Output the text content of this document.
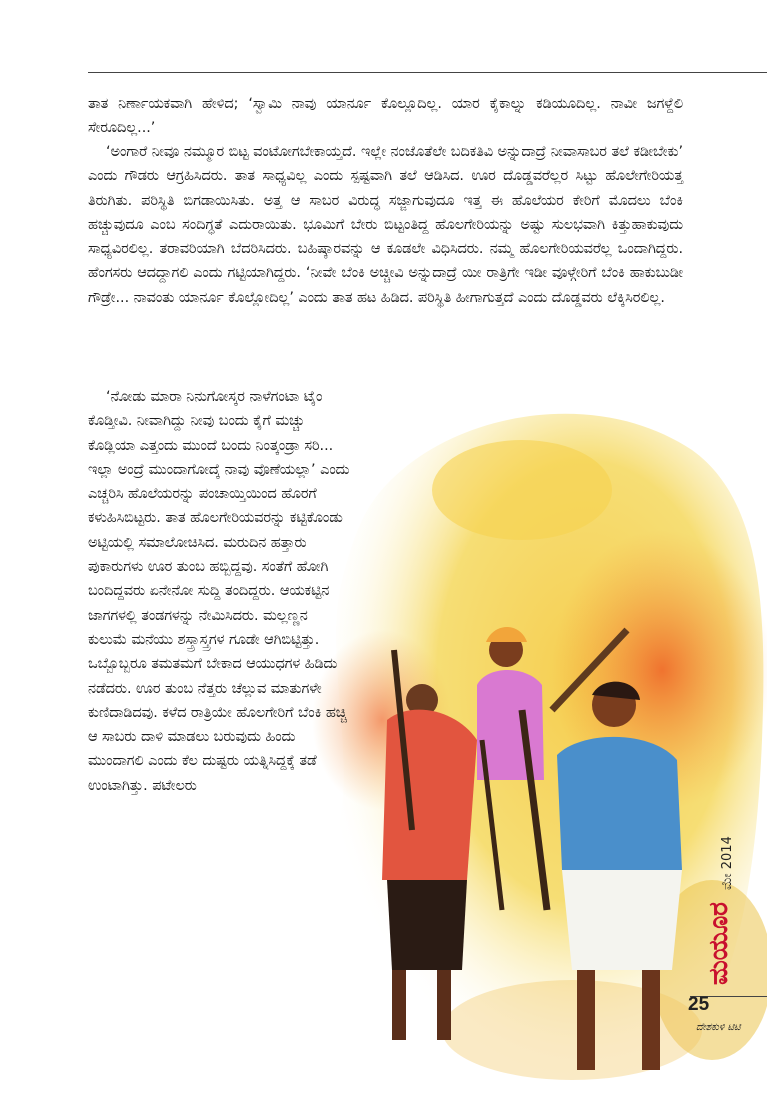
ತಾತ ನಿರ್ಣಾಯಕವಾಗಿ ಹೇಳಿದ; ‘ಸ್ವಾಮಿ ನಾವು ಯಾರ್ನೂ ಕೊಲ್ಲೂದಿಲ್ಲ. ಯಾರ ಕೈಕಾಲ್ನು ಕಡಿಯೂದಿಲ್ಲ. ನಾವೀ ಜಗಳ್ದೆಲಿ ಸೇರೂದಿಲ್ಲ...’

‘ಅಂಗಾರೆ ನೀವೂ ನಮ್ಮೂರ ಬಿಟ್ಟ ವಂಟೋಗಬೇಕಾಯ್ತದೆ. ಇಲ್ಲೇ ನಂಜೊತೆಲೇ ಬದಿಕತಿವಿ ಅನ್ನುದಾದ್ರೆ ನೀವಾಸಾಬರ ತಲೆ ಕಡೀಬೇಕು’ ಎಂದು ಗೌಡರು ಆಗ್ರಹಿಸಿದರು. ತಾತ ಸಾಧ್ಯವಿಲ್ಲ ಎಂದು ಸ್ಪಷ್ಟವಾಗಿ ತಲೆ ಆಡಿಸಿದ. ಊರ ದೊಡ್ಡವರೆಲ್ಲರ ಸಿಟ್ಟು ಹೊಲೇಗೇರಿಯತ್ತ ತಿರುಗಿತು. ಪರಿಸ್ಥಿತಿ ಬಿಗಡಾಯಿಸಿತು. ಅತ್ತ ಆ ಸಾಬರ ವಿರುದ್ಧ ಸಜ್ಜಾಗುವುದೂ ಇತ್ತ ಈ ಹೊಲೆಯರ ಕೇರಿಗೆ ಮೊದಲು ಬೆಂಕಿ ಹಚ್ಚುವುದೂ ಎಂಬ ಸಂದಿಗ್ಧತೆ ಎದುರಾಯಿತು. ಭೂಮಿಗೆ ಬೇರು ಬಿಟ್ಟಂತಿದ್ದ ಹೊಲಗೇರಿಯನ್ನು ಅಷ್ಟು ಸುಲಭವಾಗಿ ಕಿತ್ತುಹಾಕುವುದು ಸಾಧ್ಯವಿರಲಿಲ್ಲ. ತರಾವರಿಯಾಗಿ ಬೆದರಿಸಿದರು. ಬಹಿಷ್ಕಾರವನ್ನು ಆ ಕೂಡಲೇ ವಿಧಿಸಿದರು. ನಮ್ಮ ಹೊಲಗೇರಿಯವರೆಲ್ಲ ಒಂದಾಗಿದ್ದರು. ಹೆಂಗಸರು ಆದದ್ದಾಗಲಿ ಎಂದು ಗಟ್ಟಿಯಾಗಿದ್ದರು. ‘ನೀವೇ ಬೆಂಕಿ ಅಚ್ಚೀವಿ ಅನ್ನುದಾದ್ರೆ ಯೀ ರಾತ್ರಿಗೇ ಇಡೀ ವೂಳ್ಗೇರಿಗೆ ಬೆಂಕಿ ಹಾಕುಬುಡೀ ಗೌಡ್ರೇ... ನಾವಂತು ಯಾರ್ನೂ ಕೊಲ್ಲೋದಿಲ್ಲ’ ಎಂದು ತಾತ ಹಟ ಹಿಡಿದ. ಪರಿಸ್ಥಿತಿ ಹೀಗಾಗುತ್ತದೆ ಎಂದು ದೊಡ್ಡವರು ಲೆಕ್ಕಿಸಿರಲಿಲ್ಲ.

‘ನೋಡು ಮಾರಾ ನಿನುಗೋಸ್ಕರ ನಾಳೆಗಂಟಾ ಟೈಂ ಕೊಡ್ತೀವಿ. ನೀವಾಗಿದ್ದು ನೀವು ಬಂದು ಕೈಗೆ ಮಚ್ಚು ಕೊಡ್ಲಿಯಾ ಎತ್ತಂದು ಮುಂದೆ ಬಂದು ನಿಂತ್ಕಂಡ್ರಾ ಸರಿ... ಇಲ್ಲಾ ಅಂದ್ರೆ ಮುಂದಾಗೋದ್ಕೆ ನಾವು ವೊಣೆಯಲ್ಲಾ’ ಎಂದು ಎಚ್ಚರಿಸಿ ಹೊಲೆಯರನ್ನು ಪಂಚಾಯ್ತಿಯಿಂದ ಹೊರಗೆ ಕಳುಹಿಸಿಬಿಟ್ಟರು. ತಾತ ಹೊಲಗೇರಿಯವರನ್ನು ಕಟ್ಟಿಕೊಂಡು ಅಟ್ಟಿಯಲ್ಲಿ ಸಮಾಲೋಚಿಸಿದ. ಮರುದಿನ ಹತ್ತಾರು ಪುಕಾರುಗಳು ಊರ ತುಂಬ ಹಬ್ಬಿದ್ದವು. ಸಂತೆಗೆ ಹೋಗಿ ಬಂದಿದ್ದವರು ಏನೇನೋ ಸುದ್ದಿ ತಂದಿದ್ದರು. ಆಯಕಟ್ಟಿನ ಜಾಗಗಳಲ್ಲಿ ತಂಡಗಳನ್ನು ನೇಮಿಸಿದರು. ಮಲ್ಲಣ್ಣನ ಕುಲುಮೆ ಮನೆಯು ಶಸ್ತ್ರಾಸ್ತ್ರಗಳ ಗೂಡೇ ಆಗಿಬಿಟ್ಟಿತ್ತು. ಒಬ್ಬೊಬ್ಬರೂ ತಮತಮಗೆ ಬೇಕಾದ ಆಯುಧಗಳ ಹಿಡಿದು ನಡೆದರು. ಊರ ತುಂಬ ನೆತ್ತರು ಚೆಲ್ಲುವ ಮಾತುಗಳೇ ಕುಣಿದಾಡಿದವು. ಕಳೆದ ರಾತ್ರಿಯೇ ಹೊಲಗೇರಿಗೆ ಬೆಂಕಿ ಹಚ್ಚಿ ಆ ಸಾಬರು ದಾಳಿ ಮಾಡಲು ಬರುವುದು ಹಿಂದು ಮುಂದಾಗಲಿ ಎಂದು ಕೆಲ ದುಷ್ಟರು ಯತ್ನಿಸಿದ್ದಕ್ಕೆ ತಡೆ ಉಂಟಾಗಿತ್ತು. ಪಟೇಲರು

ಮೇ 2014
ಮಯೂರ
25
ದೇಶಕುಳಿ ಟಿಟಿ
